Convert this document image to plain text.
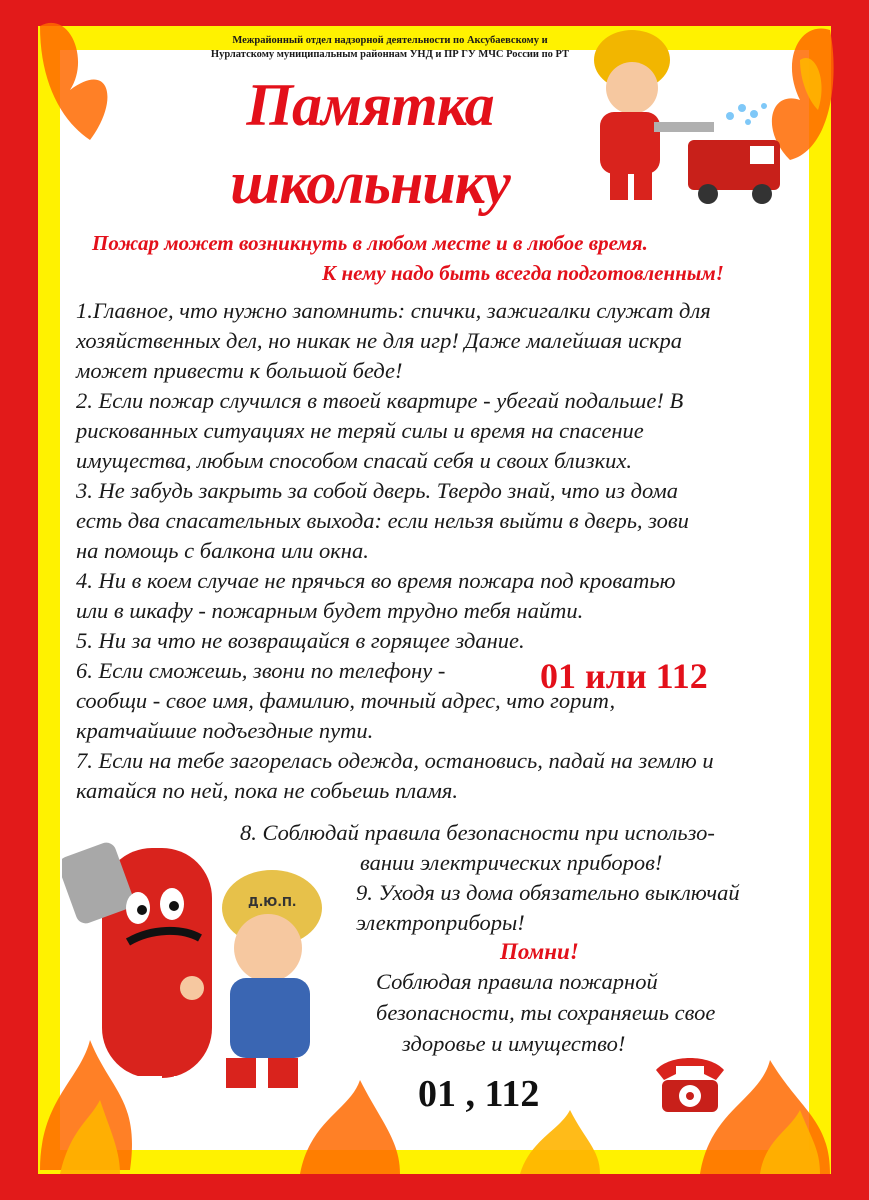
Межрайонный отдел надзорной деятельности по Аксубаевскому и
Нурлатскому муниципальным районнам УНД и ПР ГУ МЧС России по РТ
Памятка
школьнику
Пожар может возникнуть в любом месте и в любое время.
К нему надо быть всегда подготовленным!

1.Главное, что нужно запомнить: спички, зажигалки служат для

хозяйственных дел, но никак не для игр! Даже малейшая искра

может привести к большой беде!

2. Если пожар случился в твоей квартире - убегай подальше! В

рискованных ситуациях не теряй силы и время на спасение

имущества, любым способом спасай себя и своих близких.

3. Не забудь закрыть за собой дверь. Твердо знай, что из дома

есть два спасательных выхода: если нельзя выйти в дверь, зови

на помощь с балкона или окна.

4. Ни в коем случае не прячься во время пожара под кроватью

или в шкафу - пожарным будет трудно тебя найти.

5. Ни за что не возвращайся в горящее здание.

6. Если сможешь, звони по телефону -

сообщи - свое имя, фамилию, точный адрес, что горит,

кратчайшие подъездные пути.

7. Если на тебе загорелась одежда, остановись, падай на землю и

катайся по ней, пока не собьешь пламя.

01 или 112

8. Соблюдай правила безопасности при использо-

вании электрических приборов!

9. Уходя из дома обязательно выключай

электроприборы!

Д.Ю.П.
Помни!

Соблюдая правила пожарной

безопасности, ты сохраняешь свое

здоровье и имущество!

01 , 112
